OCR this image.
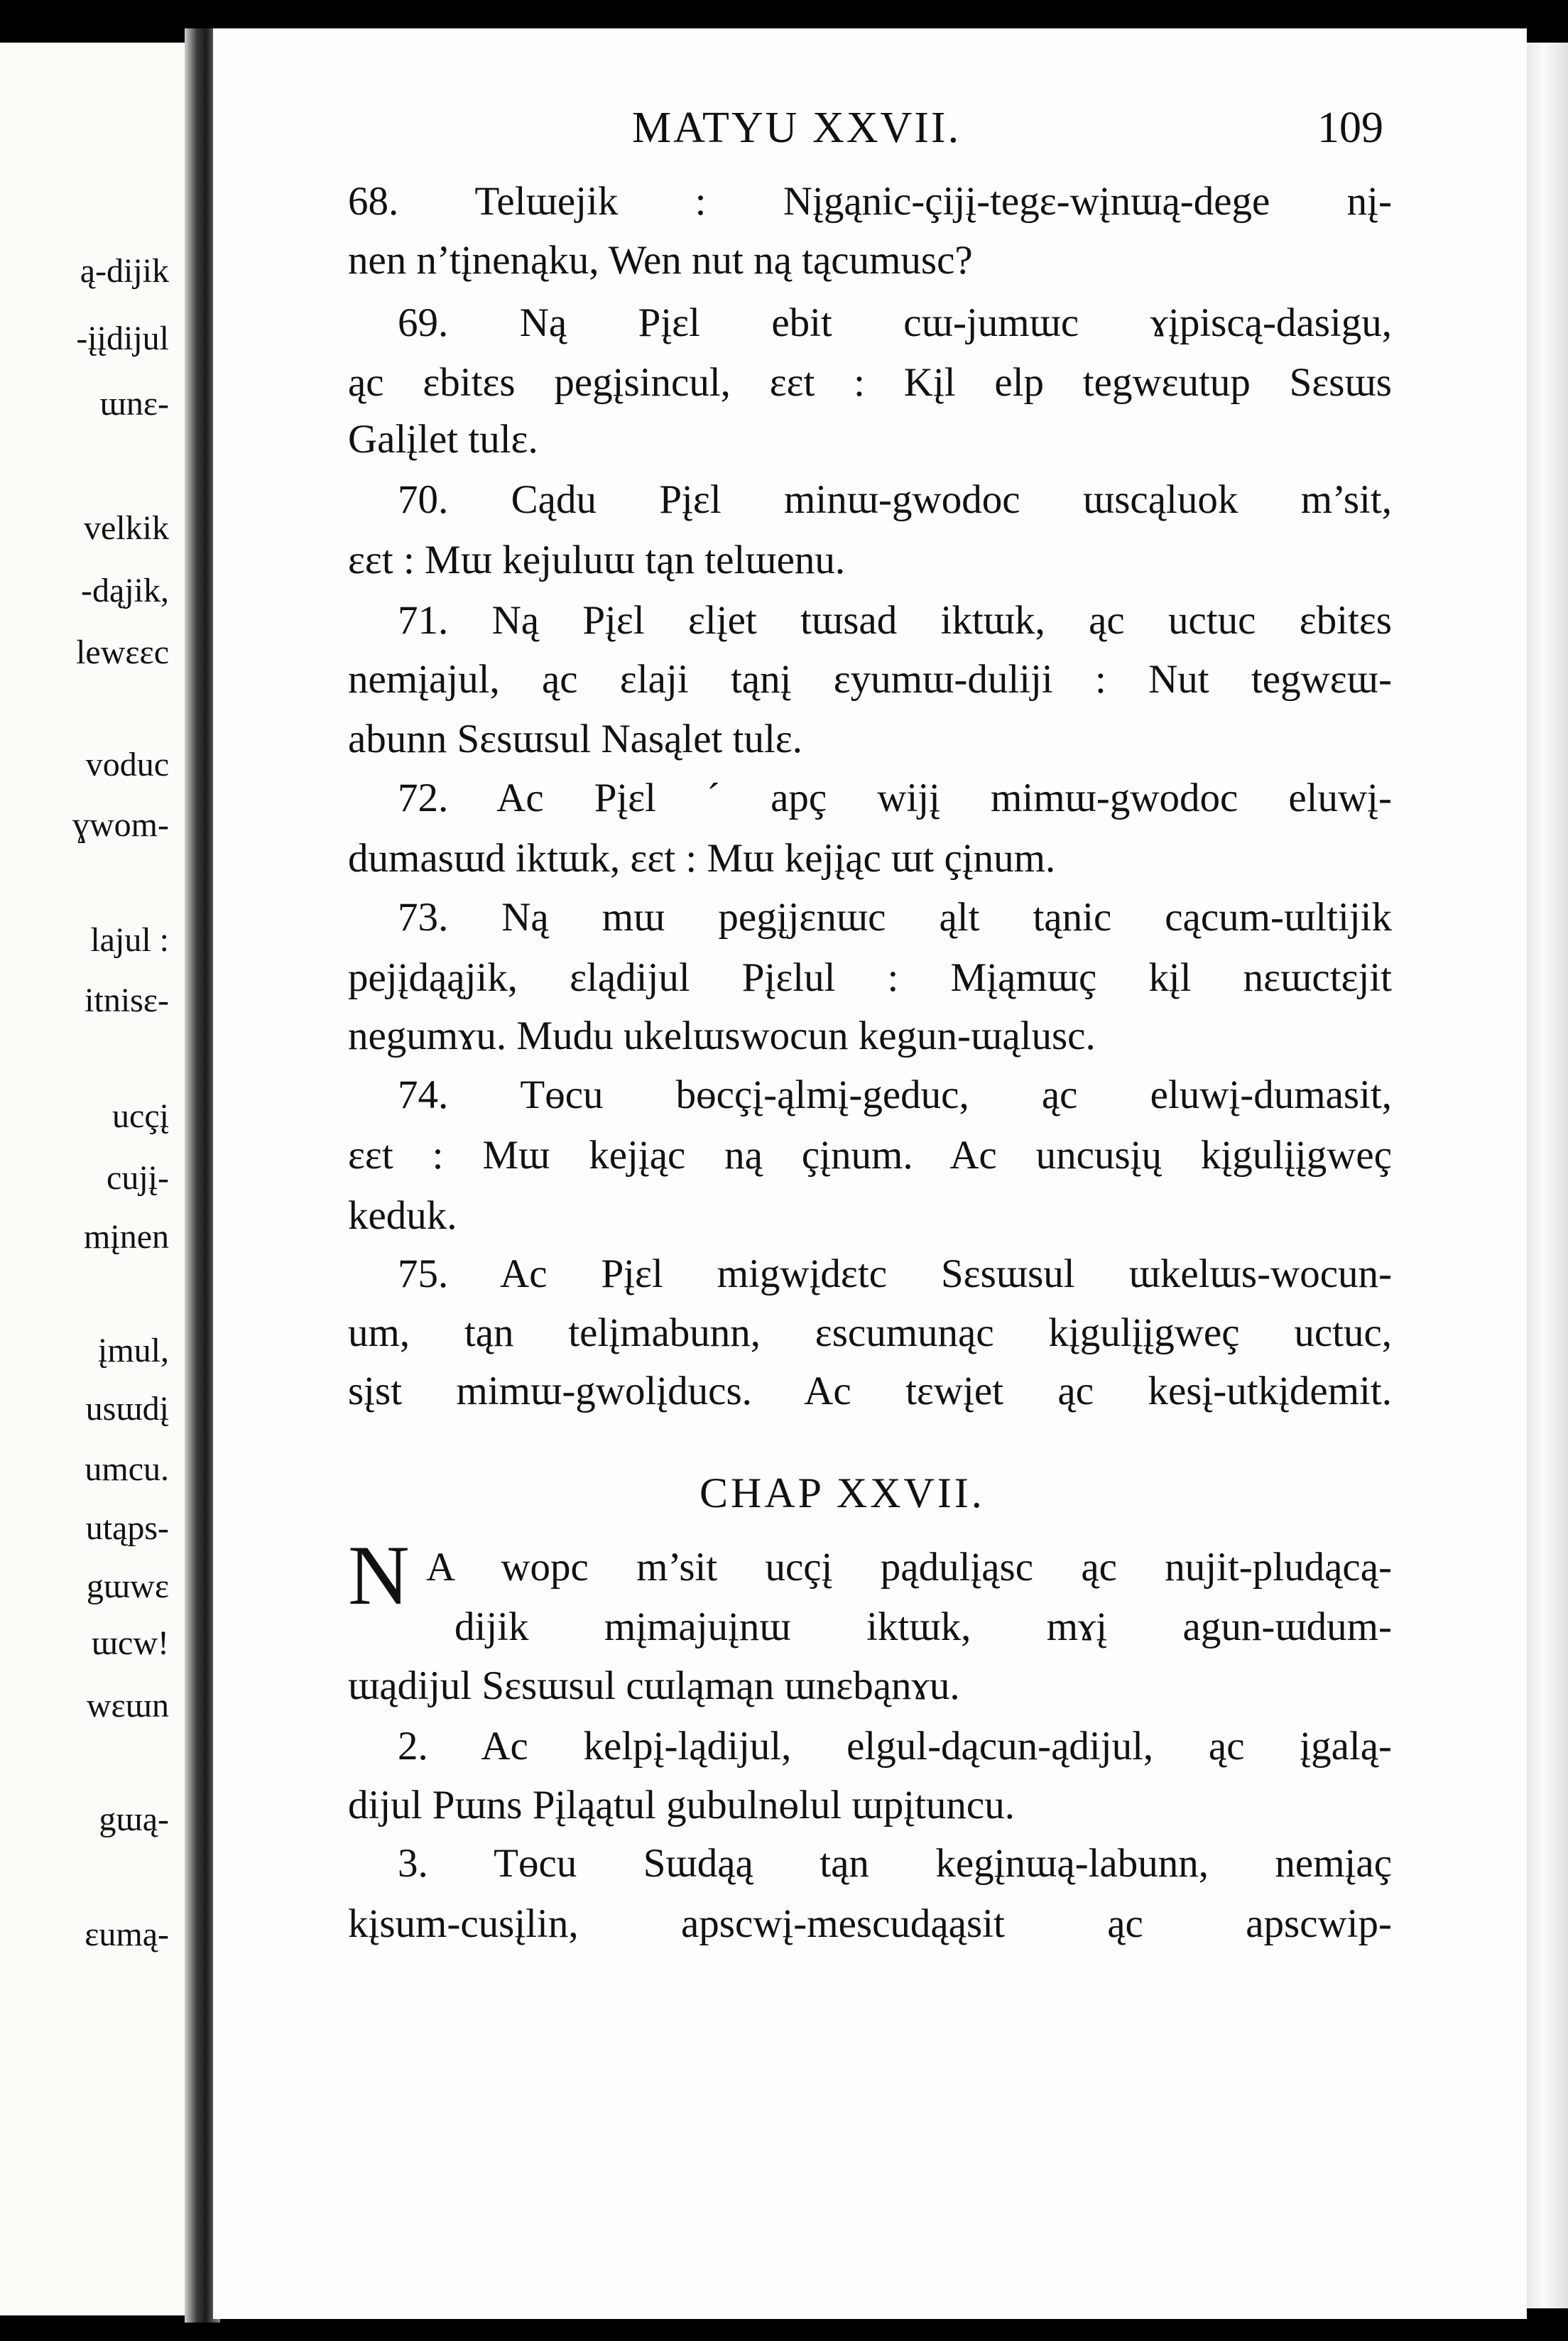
ą-dijik
-įįdijul
ɯnɛ-
velkik
-dąjik,
lewɛɛc
voduc
ɣwom-
lajul :
itnisɛ-
ucçį
cujį-
mįnen
įmul,
usɯdį
umcu.
utąps-
gɯwɛ
ɯcw!
wɛɯn
gɯą-
ɛumą-
MATYU XXVII.	109
68. Telɯejik : Nįgąnic-çijį-tegɛ-wįnɯą-dege nį-
nen n’tįnenąku, Wen nut ną tącumusc?
69. Ną Pįɛl ebit cɯ-jumɯc ɤįpiscą-dasigu,
ąc ɛbitɛs pegįsincul, ɛɛt : Kįl elp tegwɛutup Sɛsɯs
Galįlet tulɛ.
70. Cądu Pįɛl minɯ-gwodoc ɯscąluok m’sit,
ɛɛt : Mɯ kejuluɯ tąn telɯenu.
71. Ną Pįɛl ɛlįet tɯsad iktɯk, ąc uctuc ɛbitɛs
nemįajul, ąc ɛlaji tąnį ɛyumɯ-duliji : Nut tegwɛɯ-
abunn Sɛsɯsul Nasąlet tulɛ.
72. Ac Pįɛl ´ apç wijį mimɯ-gwodoc eluwį-
dumasɯd iktɯk, ɛɛt : Mɯ kejįąc ɯt çįnum.
73. Ną mɯ pegįjɛnɯc ąlt tąnic cącum-ɯltijik
pejįdąąjik, ɛlądijul Pįɛlul : Mįąmɯç kįl nɛɯctɛjit
negumɤu. Mudu ukelɯswocun kegun-ɯąlusc.
74. Tɵcu bɵcçį-ąlmį-geduc, ąc eluwį-dumasit,
ɛɛt : Mɯ kejįąc ną çįnum. Ac uncusįų kįgulįįgweç
keduk.
75. Ac Pįɛl migwįdɛtc Sɛsɯsul ɯkelɯs-wocun-
um, tąn telįmabunn, ɛscumunąc kįgulįįgweç uctuc,
sįst mimɯ-gwolįducs. Ac tɛwįet ąc kesį-utkįdemit.
CHAP XXVII.
N A wopc m’sit ucçį pądulįąsc ąc nujit-pludącą-
dijik mįmajuįnɯ iktɯk, mɤį agun-ɯdum-
ɯądijul Sɛsɯsul cɯląmąn ɯnɛbąnɤu.
2. Ac kelpį-lądijul, elgul-dącun-ądijul, ąc įgalą-
dijul Pɯns Pįląątul gubulnɵlul ɯpįtuncu.
3. Tɵcu Sɯdąą tąn kegįnɯą-labunn, nemįaç
kįsum-cusįlin, apscwį-mescudąąsit ąc apscwip-
